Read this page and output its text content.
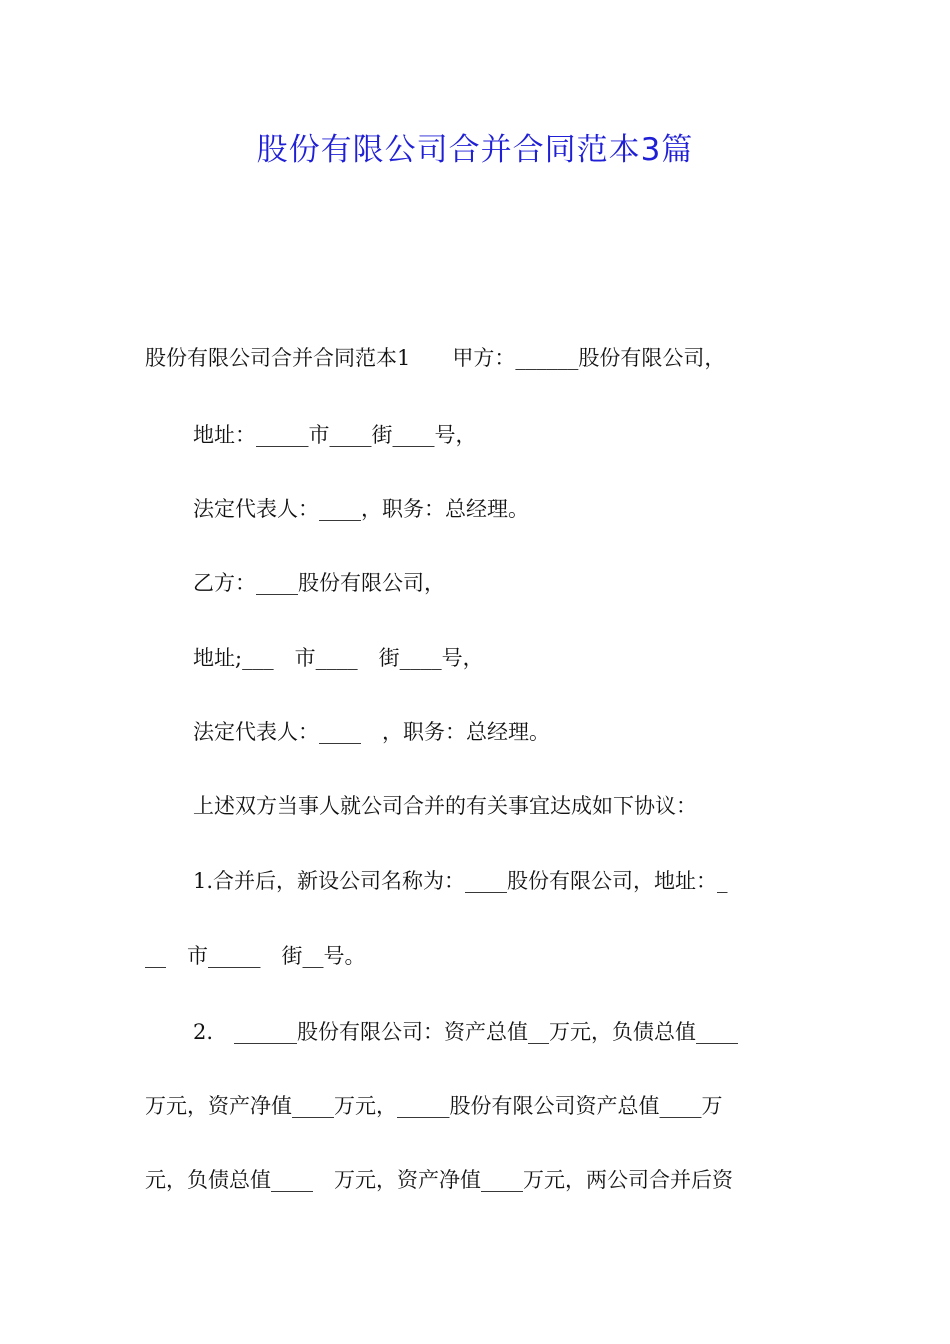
股份有限公司合并合同范本3篇
股份有限公司合并合同范本1　　甲方：______股份有限公司，
地址：_____市____街____号，
法定代表人：____，职务：总经理。
乙方：____股份有限公司，
地址;___　市____　街____号，
法定代表人：____　，职务：总经理。
上述双方当事人就公司合并的有关事宜达成如下协议：
1.合并后，新设公司名称为：____股份有限公司，地址：_
__　市_____　街__号。
2.　______股份有限公司：资产总值__万元，负债总值____
万元，资产净值____万元，_____股份有限公司资产总值____万
元，负债总值____　万元，资产净值____万元，两公司合并后资
